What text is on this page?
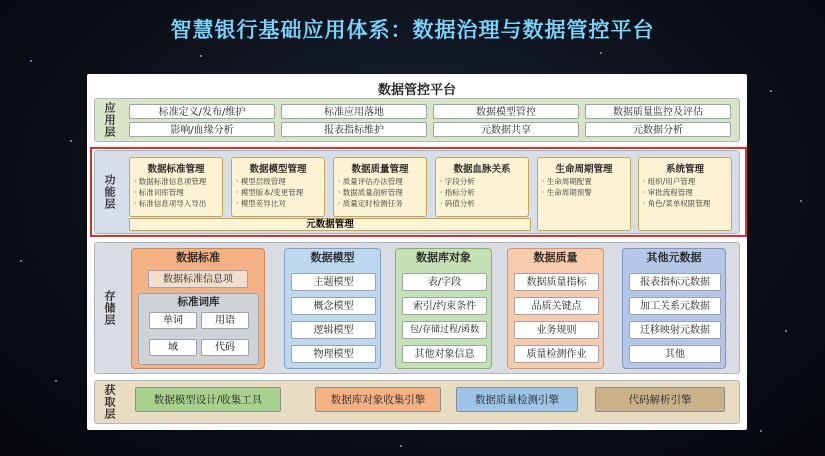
智慧银行基础应用体系：数据治理与数据管控平台
数据管控平台
应用层	标准定义/发布/维护	标准应用落地	数据模型管控	数据质量监控及评估
影响/血缘分析	报表指标维护	元数据共享	元数据分析
功能层
数据标准管理
· 数据标准信息项管理
· 标准词库管理
· 标准信息项导入导出
数据模型管理
· 模型层级管理
· 模型版本/变更管理
· 模型差异比对
数据质量管理
· 质量评估办法管理
· 数据质量剖析管理
· 质量定时检测任务
数据血脉关系
· 字段分析
· 指标分析
· 码值分析
生命周期管理
· 生命周期配置
· 生命周期预警
系统管理
· 组织/用户管理
· 审批流程管理
· 角色/菜单权限管理
元数据管理
存储层
数据标准
数据标准信息项
标准词库
单词	用语
域	代码
数据模型
主题模型
概念模型
逻辑模型
物理模型
数据库对象
表/字段
索引/约束条件
包/存储过程/函数
其他对象信息
数据质量
数据质量指标
品质关键点
业务规则
质量检测作业
其他元数据
报表指标元数据
加工关系元数据
迁移映射元数据
其他
获取层	数据模型设计/收集工具	数据库对象收集引擎	数据质量检测引擎	代码解析引擎
